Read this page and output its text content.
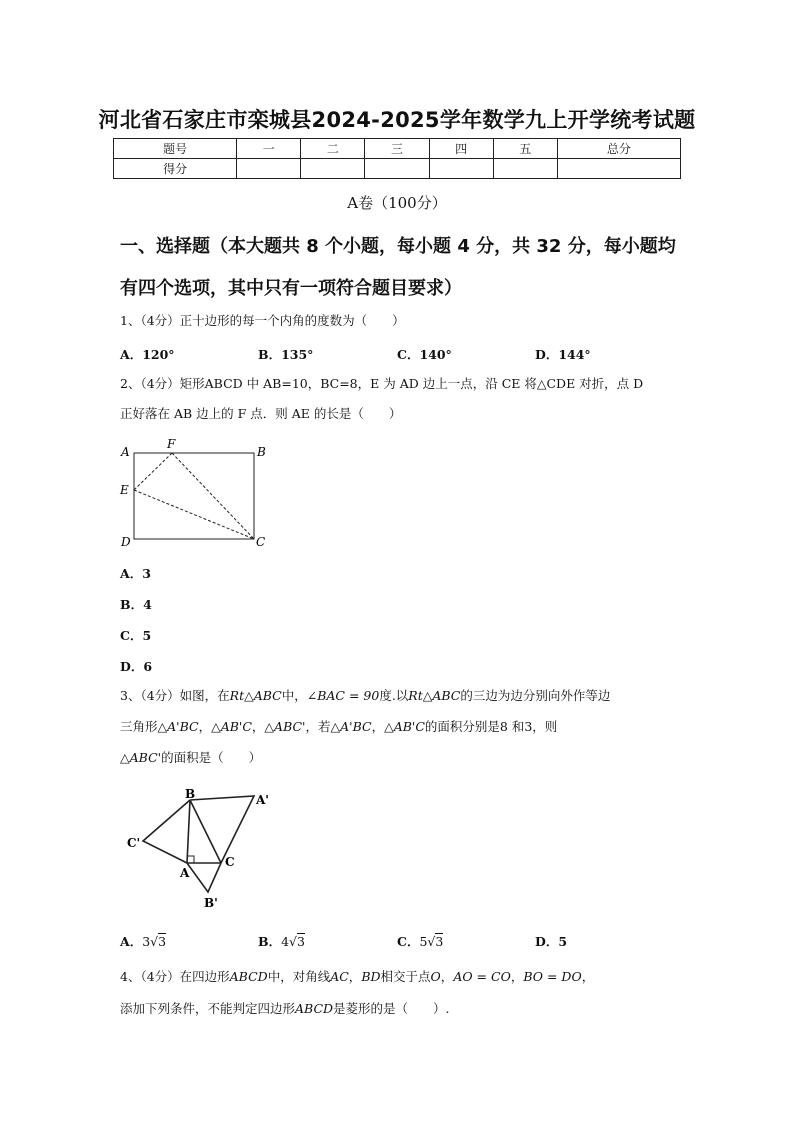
河北省石家庄市栾城县2024-2025学年数学九上开学统考试题
题号	一	二	三	四	五	总分
得分						
A卷（100分）
一、选择题（本大题共 8 个小题，每小题 4 分，共 32 分，每小题均
有四个选项，其中只有一项符合题目要求）
1、（4分）正十边形的每一个内角的度数为（　　）
A．120°	B．135°	C．140°	D．144°
2、（4分）矩形ABCD 中 AB=10，BC=8，E 为 AD 边上一点，沿 CE 将△CDE 对折，点 D
正好落在 AB 边上的 F 点．则 AE 的长是（　　）
A
F
B
E
D	C
A．3
B．4
C．5
D．6
3、（4分）如图，在Rt△ABC中，∠BAC = 90度.以Rt△ABC的三边为边分别向外作等边
三角形△A'BC，△AB'C，△ABC'，若△A'BC，△AB'C的面积分别是8 和3，则
△ABC'的面积是（　　）
B	A'
C'
A
C
B'
A．3√3	B．4√3	C．5√3	D．5
4、（4分）在四边形ABCD中，对角线AC，BD相交于点O，AO = CO，BO = DO，
添加下列条件，不能判定四边形ABCD是菱形的是（　　）.
